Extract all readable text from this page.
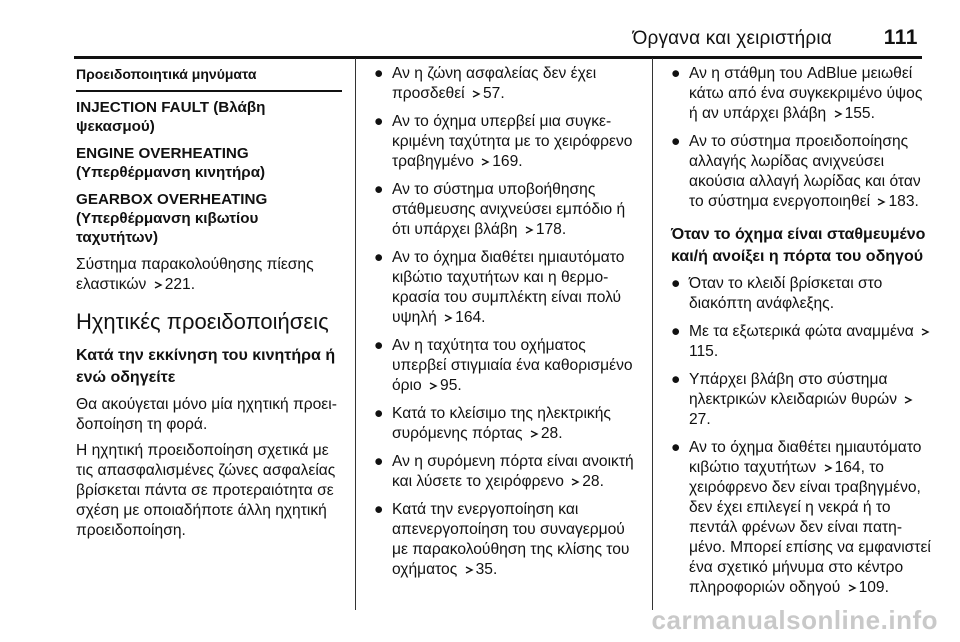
Όργανα και χειριστήρια 111
Προειδοποιητικά μηνύματα
INJECTION FAULT (Βλάβη ψεκασμού)
ENGINE OVERHEATING (Υπερθέρμανση κινητήρα)
GEARBOX OVERHEATING (Υπερθέρμανση κιβωτίου ταχυτήτων)

Σύστημα παρακολούθησης πίεσης ελαστικών 221.

Ηχητικές προειδοποιήσεις
Κατά την εκκίνηση του κινητήρα ή ενώ οδηγείτε

Θα ακούγεται μόνο μία ηχητική προειδοποίηση τη φορά.

Η ηχητική προειδοποίηση σχετικά με τις απασφαλισμένες ζώνες ασφαλείας βρίσκεται πάντα σε προτεραιότητα σε σχέση με οποιαδήποτε άλλη ηχητική προειδοποίηση.

● Αν η ζώνη ασφαλείας δεν έχει προσδεθεί 57.
● Αν το όχημα υπερβεί μια συγκεκριμένη ταχύτητα με το χειρόφρενο τραβηγμένο 169.
● Αν το σύστημα υποβοήθησης στάθμευσης ανιχνεύσει εμπόδιο ή ότι υπάρχει βλάβη 178.
● Αν το όχημα διαθέτει ημιαυτόματο κιβώτιο ταχυτήτων και η θερμοκρασία του συμπλέκτη είναι πολύ υψηλή 164.
● Αν η ταχύτητα του οχήματος υπερβεί στιγμιαία ένα καθορισμένο όριο 95.
● Κατά το κλείσιμο της ηλεκτρικής συρόμενης πόρτας 28.
● Αν η συρόμενη πόρτα είναι ανοικτή και λύσετε το χειρόφρενο 28.
● Κατά την ενεργοποίηση και απενεργοποίηση του συναγερμού με παρακολούθηση της κλίσης του οχήματος 35.
● Αν η στάθμη του AdBlue μειωθεί κάτω από ένα συγκεκριμένο ύψος ή αν υπάρχει βλάβη 155.
● Αν το σύστημα προειδοποίησης αλλαγής λωρίδας ανιχνεύσει ακούσια αλλαγή λωρίδας και όταν το σύστημα ενεργοποιηθεί 183.
Όταν το όχημα είναι σταθμευμένο και/ή ανοίξει η πόρτα του οδηγού
● Όταν το κλειδί βρίσκεται στο διακόπτη ανάφλεξης.
● Με τα εξωτερικά φώτα αναμμένα 115.
● Υπάρχει βλάβη στο σύστημα ηλεκτρικών κλειδαριών θυρών 27.
● Αν το όχημα διαθέτει ημιαυτόματο κιβώτιο ταχυτήτων 164, το χειρόφρενο δεν είναι τραβηγμένο, δεν έχει επιλεγεί η νεκρά ή το πεντάλ φρένων δεν είναι πατημένο. Μπορεί επίσης να εμφανιστεί ένα σχετικό μήνυμα στο κέντρο πληροφοριών οδηγού 109.
carmanualsonline.info
